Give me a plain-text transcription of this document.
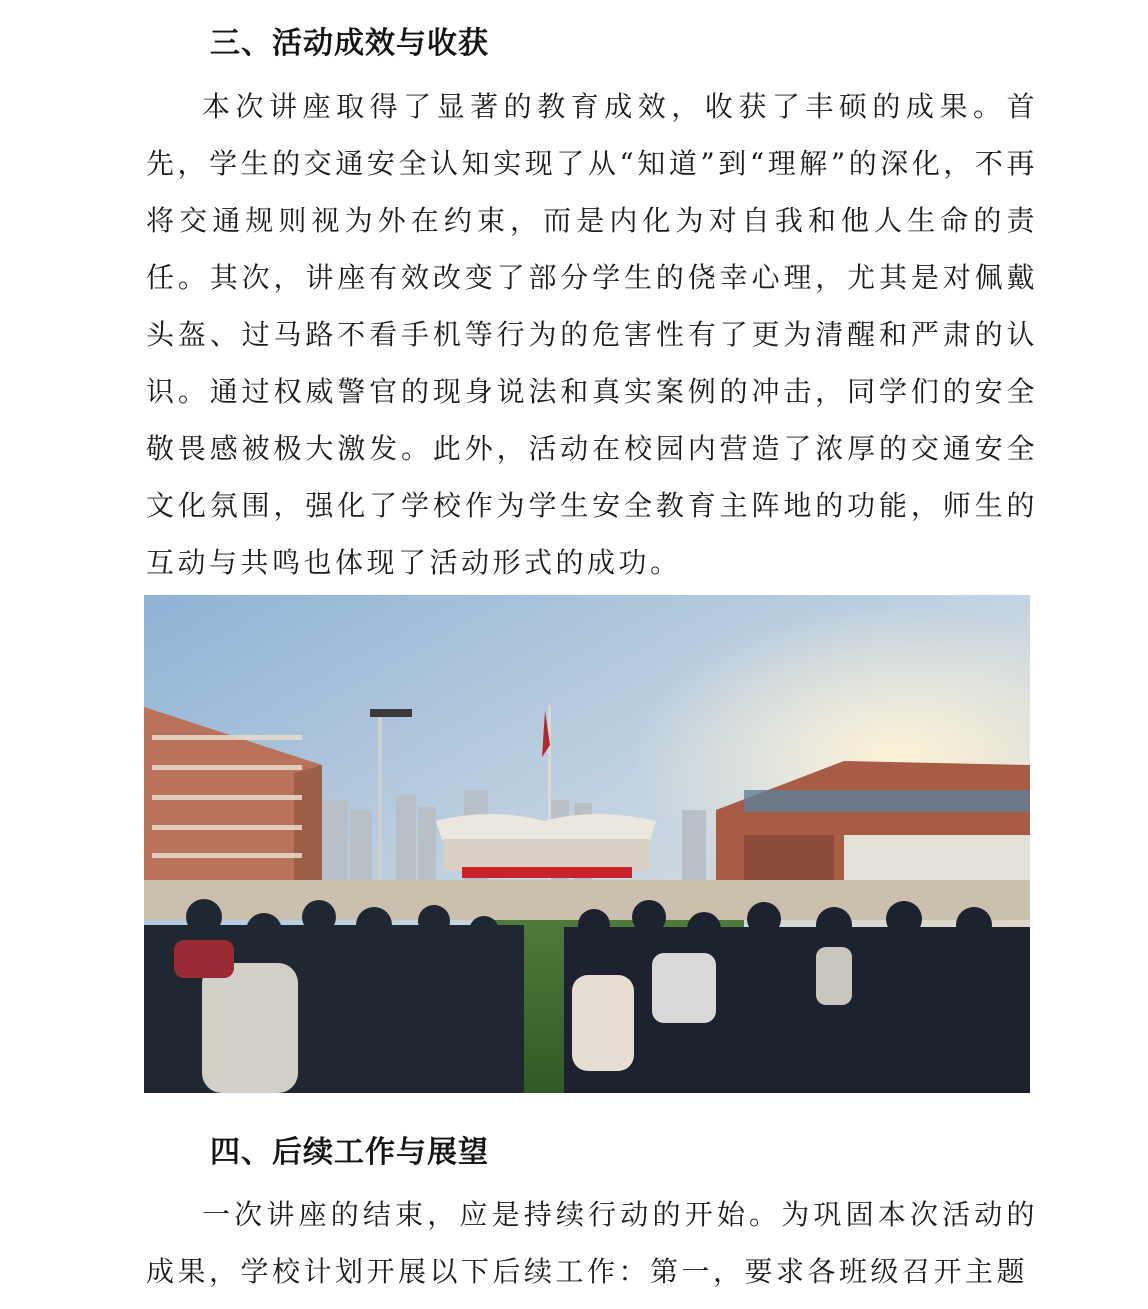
三、活动成效与收获

本次讲座取得了显著的教育成效，收获了丰硕的成果。首先，学生的交通安全认知实现了从“知道”到“理解”的深化，不再将交通规则视为外在约束，而是内化为对自我和他人生命的责任。其次，讲座有效改变了部分学生的侥幸心理，尤其是对佩戴头盔、过马路不看手机等行为的危害性有了更为清醒和严肃的认识。通过权威警官的现身说法和真实案例的冲击，同学们的安全敬畏感被极大激发。此外，活动在校园内营造了浓厚的交通安全文化氛围，强化了学校作为学生安全教育主阵地的功能，师生的互动与共鸣也体现了活动形式的成功。

四、后续工作与展望

一次讲座的结束，应是持续行动的开始。为巩固本次活动的成果，学校计划开展以下后续工作：第一，要求各班级召开主题
